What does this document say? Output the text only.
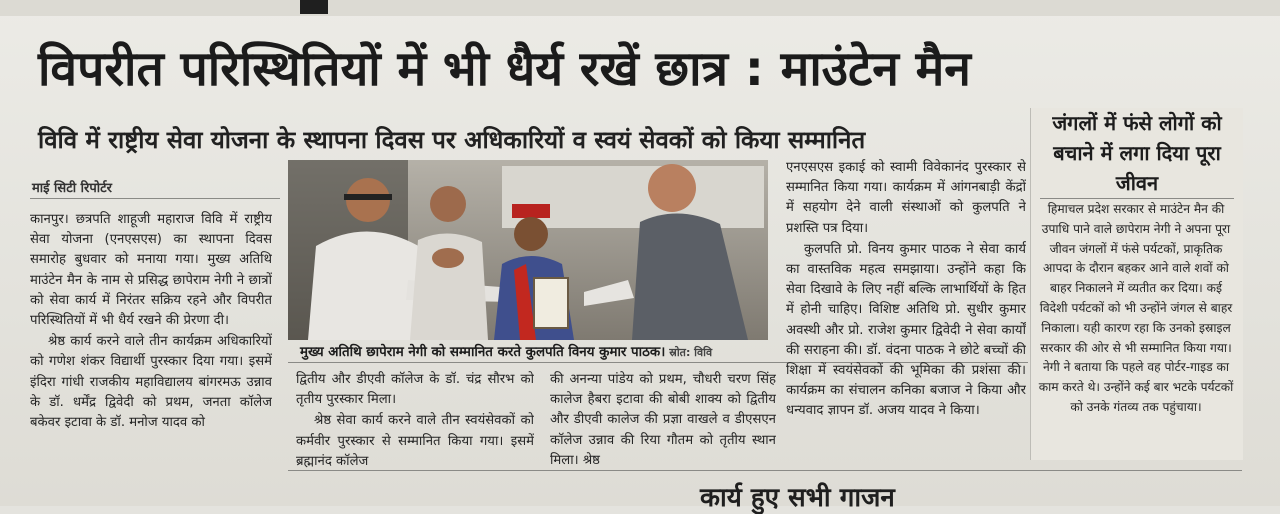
विपरीत परिस्थितियों में भी धैर्य रखें छात्र : माउंटेन मैन
विवि में राष्ट्रीय सेवा योजना के स्थापना दिवस पर अधिकारियों व स्वयं सेवकों को किया सम्मानित
माई सिटी रिपोर्टर

कानपुर। छत्रपति शाहूजी महाराज विवि में राष्ट्रीय सेवा योजना (एनएसएस) का स्थापना दिवस समारोह बुधवार को मनाया गया। मुख्य अतिथि माउंटेन मैन के नाम से प्रसिद्ध छापेराम नेगी ने छात्रों को सेवा कार्य में निरंतर सक्रिय रहने और विपरीत परिस्थितियों में भी धैर्य रखने की प्रेरणा दी।

श्रेष्ठ कार्य करने वाले तीन कार्यक्रम अधिकारियों को गणेश शंकर विद्यार्थी पुरस्कार दिया गया। इसमें इंदिरा गांधी राजकीय महाविद्यालय बांगरमऊ उन्नाव के डॉ. धर्मेंद्र द्विवेदी को प्रथम, जनता कॉलेज बकेवर इटावा के डॉ. मनोज यादव को

मुख्य अतिथि छापेराम नेगी को सम्मानित करते कुलपति विनय कुमार पाठक। स्रोत: विवि

द्वितीय और डीएवी कॉलेज के डॉ. चंद्र सौरभ को तृतीय पुरस्कार मिला।

श्रेष्ठ सेवा कार्य करने वाले तीन स्वयंसेवकों को कर्मवीर पुरस्कार से सम्मानित किया गया। इसमें ब्रह्मानंद कॉलेज

की अनन्या पांडेय को प्रथम, चौधरी चरण सिंह कालेज हैबरा इटावा की बोबी शाक्य को द्वितीय और डीएवी कालेज की प्रज्ञा वाखले व डीएसएन कॉलेज उन्नाव की रिया गौतम को तृतीय स्थान मिला। श्रेष्ठ

एनएसएस इकाई को स्वामी विवेकानंद पुरस्कार से सम्मानित किया गया। कार्यक्रम में आंगनबाड़ी केंद्रों में सहयोग देने वाली संस्थाओं को कुलपति ने प्रशस्ति पत्र दिया।

कुलपति प्रो. विनय कुमार पाठक ने सेवा कार्य का वास्तविक महत्व समझाया। उन्होंने कहा कि सेवा दिखावे के लिए नहीं बल्कि लाभार्थियों के हित में होनी चाहिए। विशिष्ट अतिथि प्रो. सुधीर कुमार अवस्थी और प्रो. राजेश कुमार द्विवेदी ने सेवा कार्यों की सराहना की। डॉ. वंदना पाठक ने छोटे बच्चों की शिक्षा में स्वयंसेवकों की भूमिका की प्रशंसा की। कार्यक्रम का संचालन कनिका बजाज ने किया और धन्यवाद ज्ञापन डॉ. अजय यादव ने किया।

जंगलों में फंसे लोगों को बचाने में लगा दिया पूरा जीवन
हिमाचल प्रदेश सरकार से माउंटेन मैन की उपाधि पाने वाले छापेराम नेगी ने अपना पूरा जीवन जंगलों में फंसे पर्यटकों, प्राकृतिक आपदा के दौरान बहकर आने वाले शवों को बाहर निकालने में व्यतीत कर दिया। कई विदेशी पर्यटकों को भी उन्होंने जंगल से बाहर निकाला। यही कारण रहा कि उनको इस्राइल सरकार की ओर से भी सम्मानित किया गया। नेगी ने बताया कि पहले वह पोर्टर-गाइड का काम करते थे। उन्होंने कई बार भटके पर्यटकों को उनके गंतव्य तक पहुंचाया।
कार्य हुए सभी गाजन
